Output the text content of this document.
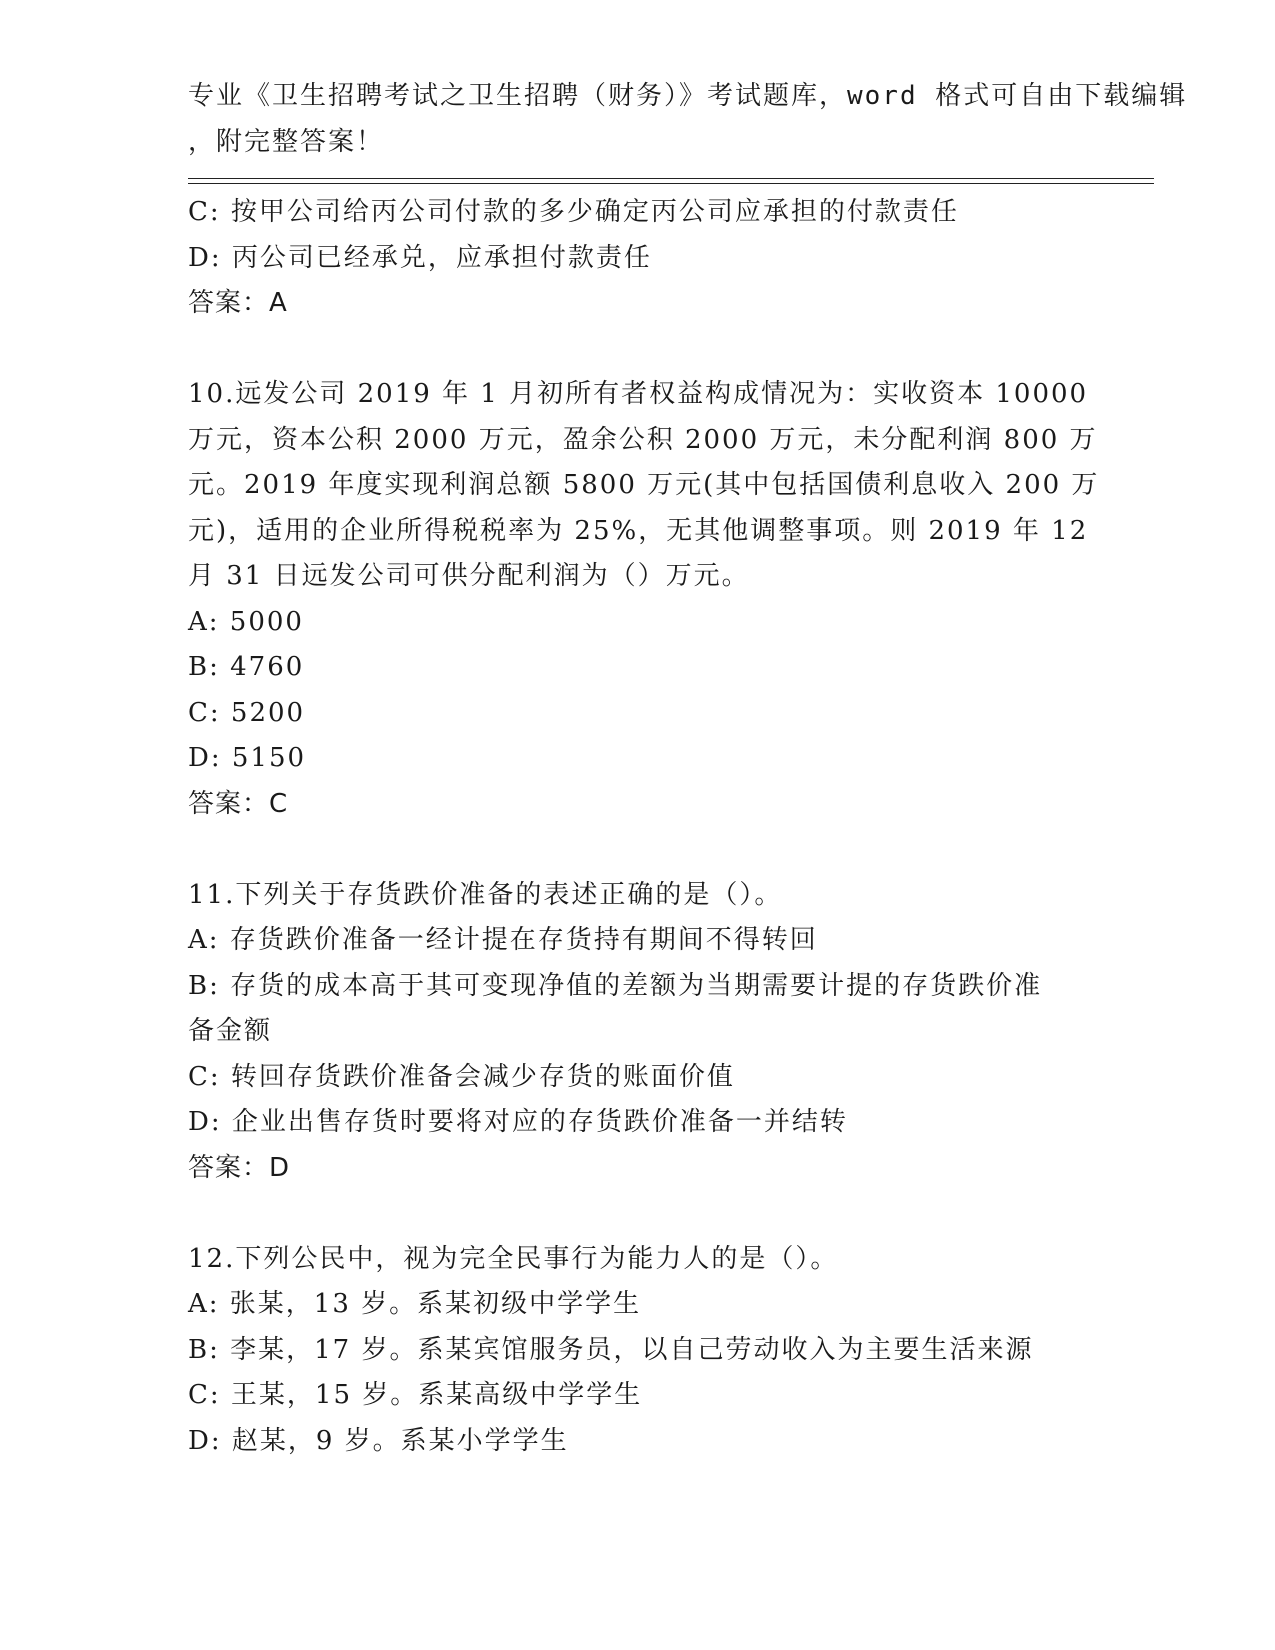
专业《卫生招聘考试之卫生招聘（财务）》考试题库，word 格式可自由下载编辑
，附完整答案！
C: 按甲公司给丙公司付款的多少确定丙公司应承担的付款责任
D: 丙公司已经承兑，应承担付款责任
答案：A
10.远发公司 2019 年 1 月初所有者权益构成情况为：实收资本 10000
万元，资本公积 2000 万元，盈余公积 2000 万元，未分配利润 800 万
元。2019 年度实现利润总额 5800 万元(其中包括国债利息收入 200 万
元)，适用的企业所得税税率为 25%，无其他调整事项。则 2019 年 12
月 31 日远发公司可供分配利润为（）万元。
A: 5000
B: 4760
C: 5200
D: 5150
答案：C
11.下列关于存货跌价准备的表述正确的是（）。
A: 存货跌价准备一经计提在存货持有期间不得转回
B: 存货的成本高于其可变现净值的差额为当期需要计提的存货跌价准
备金额
C: 转回存货跌价准备会减少存货的账面价值
D: 企业出售存货时要将对应的存货跌价准备一并结转
答案：D
12.下列公民中，视为完全民事行为能力人的是（）。
A: 张某，13 岁。系某初级中学学生
B: 李某，17 岁。系某宾馆服务员，以自己劳动收入为主要生活来源
C: 王某，15 岁。系某高级中学学生
D: 赵某，9 岁。系某小学学生
